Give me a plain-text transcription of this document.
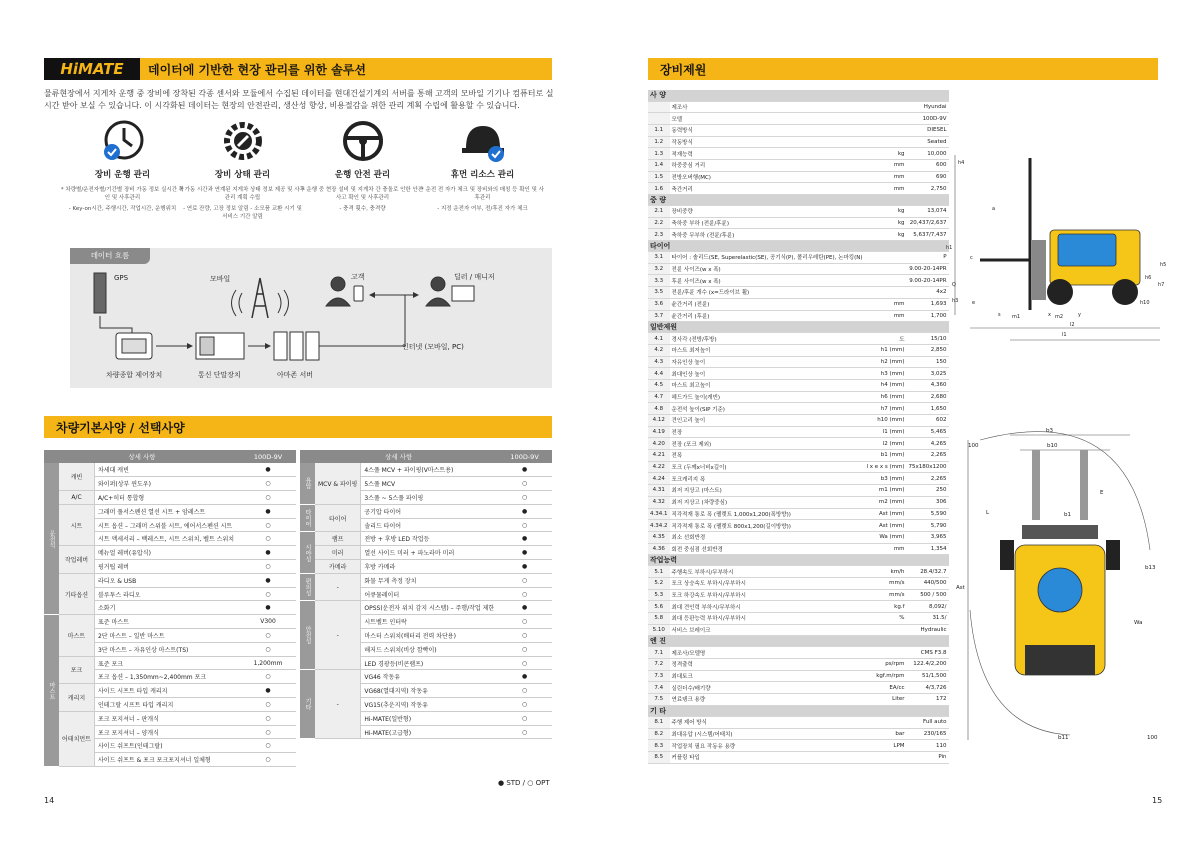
HiMATE	데이터에 기반한 현장 관리를 위한 솔루션
물류현장에서 지게차 운행 중 장비에 장착된 각종 센서와 모듈에서 수집된 데이터를 현대건설기계의 서버를 통해 고객의 모바일 기기나 컴퓨터로 실시간 받아 보실 수 있습니다. 이 시각화된 데이터는 현장의 안전관리, 생산성 향상, 비용절감을 위한 관리 계획 수립에 활용할 수 있습니다.
장비 운행 관리
* 차량별/운전자별/기간별 장비 가동 정보 실시간 확인 및 사후관리
- Key-on시간, 주행시간, 작업시간, 운행위치
장비 상태 관리
* 가동 시간과 연계된 지게차 상태 정보 제공 및 사후관리 계획 수립
- 연료 잔량, 고장 정보 알림 - 소모품 교환 시기 및 서비스 기간 알림
운행 안전 관리
* 운행 중 현장 설비 및 지게차 간 충돌로 인한 안전 사고 확인 및 사후관리
- 충격 횟수, 충격량
휴먼 리소스 관리
* 운전 전 자가 체크 및 장비와의 매칭 등 확인 및 사후관리
- 지정 운전자 여부, 전/후진 자가 체크
데이터 흐름
GPS	모바일	고객	딜러 / 매니저
차량종합 제어장치	통신 단말장치	아마존 서버
인터넷 (모바일, PC)
차량기본사양 / 선택사양
상세 사항			100D-9V
운전석	캐빈	차세대 캐빈	●
		와이퍼(상부 윈도우)	○
	A/C	A/C+히터 통합형	○
	시트	그래머 풀서스펜션 열선 시트 + 암레스트	●
		시트 옵션 – 그래머 스위블 시트, 에어서스펜션 시트	○
		시트 액세서리 – 백레스트, 시트 스위치, 벨트 스위치	○
	작업레버	메뉴얼 레버(유압식)	●
		핑거팁 레버	○
	기타옵션	라디오 & USB	●
		블루투스 라디오	○
		소화기	●
마스트	마스트	표준 마스트	V300
		2단 마스트 – 일반 마스트	○
		3단 마스트 – 자유인상 마스트(TS)	○
	포크	표준 포크	1,200mm
		포크 옵션 – 1,350mm~2,400mm 포크	○
	캐리지	사이드 시프트 타입 캐리지	●
		인테그랄 시프트 타입 캐리지	○
	어태치먼트	포크 포지셔너 – 판개식	○
		포크 포지셔너 – 양개식	○
		사이드 쉬프트(인테그랄)	○
		사이드 쉬프트 & 포크 포크포지셔너 일체형	○
상세 사항			100D-9V
유압	MCV & 파이핑	4스풀 MCV + 파이핑(V마스트용)	●
		5스풀 MCV	○
		3스풀 ~ 5스풀 파이핑	○
타이어	타이어	공기압 타이어	●
		솔리드 타이어	○
시야성	램프	전방 + 후방 LED 작업등	●
	미러	열선 사이드 미러 + 파노라마 미러	●
	카메라	후방 카메라	●
편의성	-	화물 무게 측정 장치	○
		어큐뮬레이터	○
안전성	-	OPSS(운전자 위치 감지 시스템) – 주행/작업 제한	●
		시트벨트 인터락	○
		마스터 스위치(배터리 전력 차단용)	○
		해저드 스위치(비상 깜빡이)	○
		LED 경광등(비콘램프)	○
기타	-	VG46 작동유	●
		VG68(열대지역) 작동유	○
		VG15(추운지역) 작동유	○
		Hi-MATE(일반형)	○
		Hi-MATE(고급형)	○
● STD / ○ OPT
14
장비제원
사 양			
	제조사		Hyundai
	모델		100D-9V
1.1	동력방식		DIESEL
1.2	작동방식		Seated
1.3	적재능력	kg	10,000
1.4	하중중심 거리	mm	600
1.5	전방오버행(MC)	mm	690
1.6	축간거리	mm	2,750
중 량			
2.1	장비중량	kg	13,074
2.2	축하중 부하 (전륜/후륜)	kg	20,437/2,637
2.3	축하중 무부하 (전륜/후륜)	kg	5,637/7,437
타이어			
3.1	타이어 : 솔리드(SE, Superelastic(SE), 공기식(P), 폴리우레탄(PE), 논마킹(N)		P
3.2	전륜 사이즈(w x 폭)		9.00-20-14PR
3.3	후륜 사이즈(w x 폭)		9.00-20-14PR
3.5	전륜/후륜 개수 (x=드라이브 휠)		4x2
3.6	윤간거리 (전륜)	mm	1,693
3.7	윤간거리 (후륜)	mm	1,700
일반제원			
4.1	경사각 (전방/후방)	도	15/10
4.2	마스트 최저높이	h1 (mm)	2,850
4.3	자유인상 높이	h2 (mm)	150
4.4	최대인상 높이	h3 (mm)	3,025
4.5	마스트 최고높이	h4 (mm)	4,360
4.7	헤드가드 높이(캐빈)	h6 (mm)	2,680
4.8	운전석 높이(SIP 기준)	h7 (mm)	1,650
4.12	견인고리 높이	h10 (mm)	602
4.19	전장	l1 (mm)	5,465
4.20	전장 (포크 제외)	l2 (mm)	4,265
4.21	전폭	b1 (mm)	2,265
4.22	포크 (두께x너비x길이)	l x e x s (mm)	75x180x1200
4.24	포크캐리지 폭	b3 (mm)	2,265
4.31	최저 지상고 (마스트)	m1 (mm)	250
4.32	최저 지상고 (차량중심)	m2 (mm)	306
4.34.1	직각적재 통로 폭 (팰렛트 1,000x1,200(폭방향))	Ast (mm)	5,590
4.34.2	직각적재 통로 폭 (팰렛트 800x1,200(길이방향))	Ast (mm)	5,790
4.35	최소 선회반경	Wa (mm)	3,965
4.36	회전 중심점 선회반경	mm	1,354
작업능력			
5.1	주행속도 부하시/무부하시	km/h	28.4/32.7
5.2	포크 상승속도 부하시/무부하시	mm/s	440/500
5.3	포크 하강속도 부하시/무부하시	mm/s	500 / 500
5.6	최대 견인력 부하시/무부하시	kg.f	8,092/
5.8	최대 등판능력 부하시/무부하시	%	31.5/
5.10	서비스 브레이크		Hydraulic
엔 진			
7.1	제조사/모델명		CMS F3.8
7.2	정격출력	ps/rpm	122.4/2,200
7.3	최대토크	kgf.m/rpm	51/1,500
7.4	실린더수/배기량	EA/cc	4/3,726
7.5	연료탱크 용량	Liter	172
기 타			
8.1	주행 제어 방식		Full auto
8.2	최대유압 (시스템/어태치)	bar	230/165
8.3	작업장치 필요 작동유 용량	LPM	110
8.5	커플링 타입		Pin
h4
h1
h6
h5
h7
Q
h3	h10
s m1	m2
x	y
l2
l1
c
e
a
b3
b10
100
E
L	b1
b13
Ast
Wa
b11	100
15
